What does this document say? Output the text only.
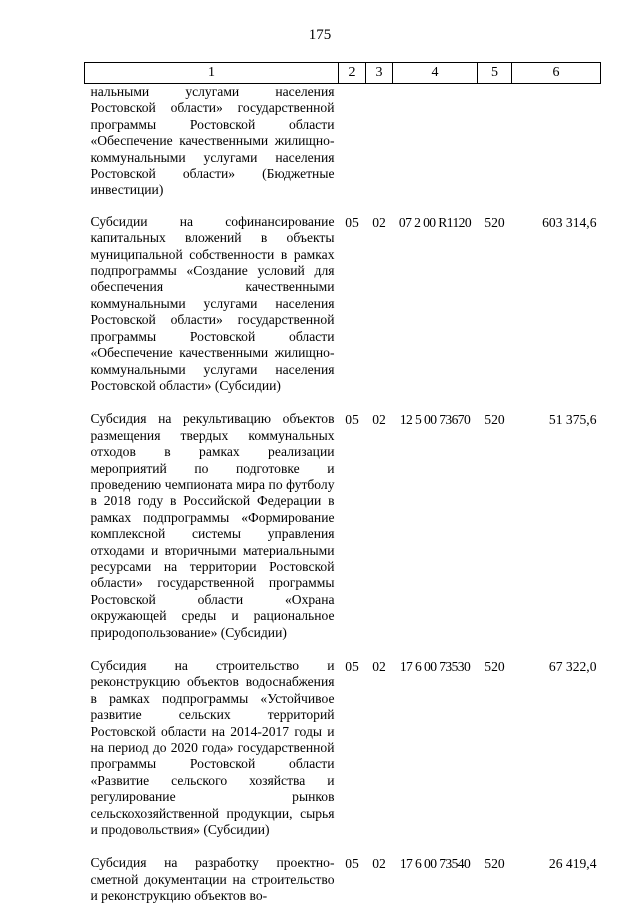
175
1	2	3	4	5	6
нальными услугами населения Ростовской области» государственной программы Ростовской области «Обеспечение качественными жилищно-коммунальными услугами населения Ростовской области» (Бюджетные инвестиции)					
Субсидии на софинансирование капитальных вложений в объекты муниципальной собственности в рамках подпрограммы «Создание условий для обеспечения качественными коммунальными услугами населения Ростовской области» государственной программы Ростовской области «Обеспечение качественными жилищно-коммунальными услугами населения Ростовской области» (Субсидии)	05	02	07 2 00 R1120	520	603 314,6
Субсидия на рекультивацию объектов размещения твердых коммунальных отходов в рамках реализации мероприятий по подготовке и проведению чемпионата мира по футболу в 2018 году в Российской Федерации в рамках подпрограммы «Формирование комплексной системы управления отходами и вторичными материальными ресурсами на территории Ростовской области» государственной программы Ростовской области «Охрана окружающей среды и рациональное природопользование» (Субсидии)	05	02	12 5 00 73670	520	51 375,6
Субсидия на строительство и реконструкцию объектов водоснабжения в рамках подпрограммы «Устойчивое развитие сельских территорий Ростовской области на 2014-2017 годы и на период до 2020 года» государственной программы Ростовской области «Развитие сельского хозяйства и регулирование рынков сельскохозяйственной продукции, сырья и продовольствия» (Субсидии)	05	02	17 6 00 73530	520	67 322,0
Субсидия на разработку проектно-сметной документации на строительство и реконструкцию объектов во-	05	02	17 6 00 73540	520	26 419,4
